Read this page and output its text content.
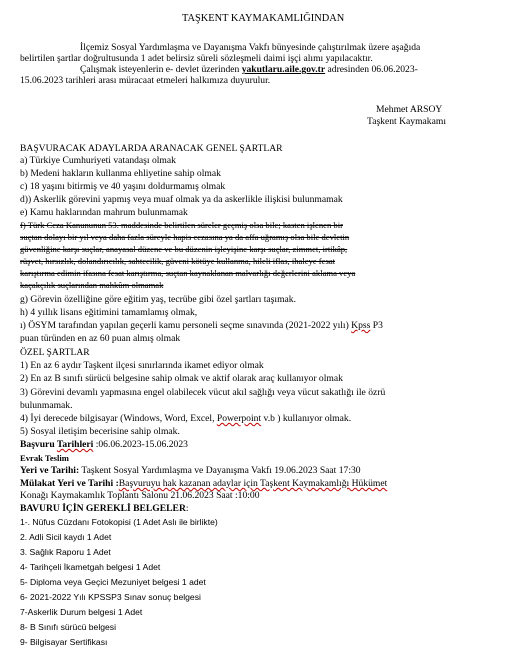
TAŞKENT KAYMAKAMLIĞINDAN
İlçemiz Sosyal Yardımlaşma ve Dayanışma Vakfı bünyesinde çalıştırılmak üzere aşağıda
belirtilen şartlar doğrultusunda 1 adet belirsiz süreli sözleşmeli daimi işçi alımı yapılacaktır.
Çalışmak isteyenlerin e- devlet üzerinden yakutlaru.aile.gov.tr adresinden 06.06.2023-
15.06.2023 tarihleri arası müracaat etmeleri halkımıza duyurulur.
Mehmet ARSOY
Taşkent Kaymakamı
BAŞVURACAK ADAYLARDA ARANACAK GENEL ŞARTLAR
a) Türkiye Cumhuriyeti vatandaşı olmak
b) Medeni hakların kullanma ehliyetine sahip olmak
c) 18 yaşını bitirmiş ve 40 yaşını doldurmamış olmak
d)) Askerlik görevini yapmış veya muaf olmak ya da askerlikle ilişkisi bulunmamak
e) Kamu haklarından mahrum bulunmamak
f) Türk Ceza Kanununun 53. maddesinde belirtilen süreler geçmiş olsa bile; kasten işlenen bir
suçtan dolayı bir yıl veya daha fazla süreyle hapis cezasına ya da affa uğramış olsa bile devletin
güvenliğine karşı suçlar, anayasal düzene ve bu düzenin işleyişine karşı suçlar, zimmet, irtikâp,
rüşvet, hırsızlık, dolandırıcılık, sahtecilik, güveni kötüye kullanma, hileli iflas, ihaleye fesat
karıştırma edimin ifasına fesat karıştırma, suçtan kaynaklanan malvarlığı değerlerini aklama veya
kaçakçılık suçlarından mahkûm olmamak
g) Görevin özelliğine göre eğitim yaş, tecrübe gibi özel şartları taşımak.
h) 4 yıllık lisans eğitimini tamamlamış olmak,
ı) ÖSYM tarafından yapılan geçerli kamu personeli seçme sınavında (2021-2022 yılı) Kpss P3
puan türünden en az 60 puan almış olmak
ÖZEL ŞARTLAR
1) En az 6 aydır Taşkent ilçesi sınırlarında ikamet ediyor olmak
2) En az B sınıfı sürücü belgesine sahip olmak ve aktif olarak araç kullanıyor olmak
3) Görevini devamlı yapmasına engel olabilecek vücut akıl sağlığı veya vücut sakatlığı ile özrü
bulunmamak.
4) İyi derecede bilgisayar (Windows, Word, Excel, Powerpoint v.b ) kullanıyor olmak.
5) Sosyal iletişim becerisine sahip olmak.
Başvuru Tarihleri :06.06.2023-15.06.2023
Evrak Teslim
Yeri ve Tarihi: Taşkent Sosyal Yardımlaşma ve Dayanışma Vakfı 19.06.2023 Saat 17:30
Mülakat Yeri ve Tarihi :Başvuruyu hak kazanan adaylar için Taşkent Kaymakamlığı Hükümet
Konağı Kaymakamlık Toplantı Salonu 21.06.2023 Saat :10:00
BAVURU İÇİN GEREKLİ BELGELER:
1-. Nüfus Cüzdanı Fotokopisi (1 Adet Aslı ile birlikte)
2. Adli Sicil kaydı 1 Adet
3. Sağlık Raporu 1 Adet
4- Tarihçeli İkametgah belgesi 1 Adet
5- Diploma veya Geçici Mezuniyet belgesi 1 adet
6- 2021-2022 Yılı KPSSP3 Sınav sonuç belgesi
7-Askerlik Durum belgesi 1 Adet
8- B Sınıfı sürücü belgesi
9- Bilgisayar Sertifikası
